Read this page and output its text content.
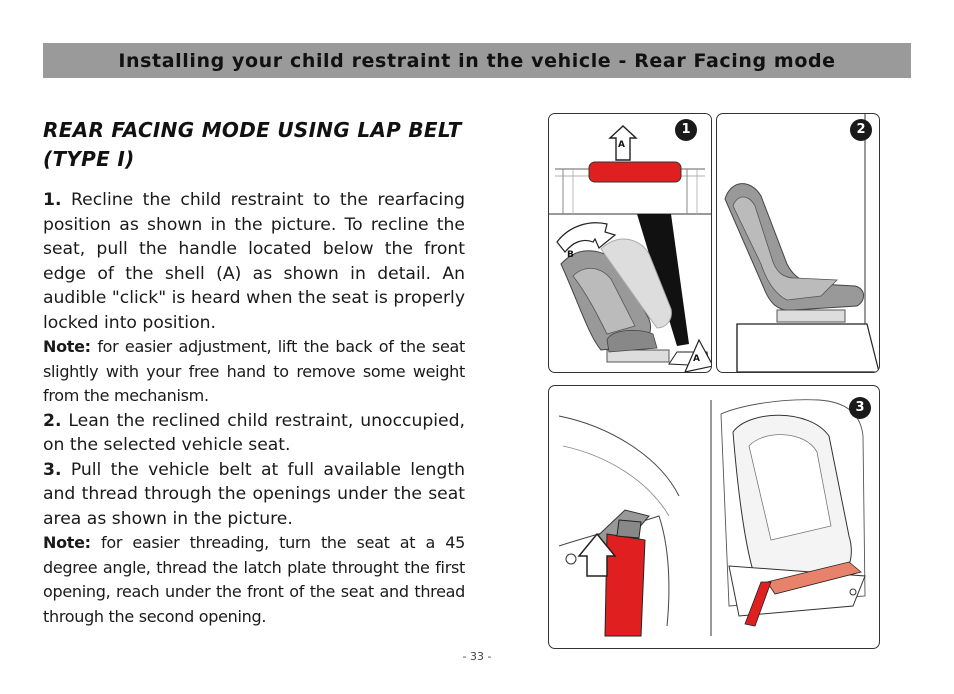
Installing your child restraint in the vehicle - Rear Facing mode
REAR FACING MODE USING LAP BELT (TYPE I)

1. Recline the child restraint to the rearfacing position as shown in the picture. To recline the seat, pull the handle located below the front edge of the shell (A) as shown in detail. An audible "click" is heard when the seat is properly locked into position.

Note: for easier adjustment, lift the back of the seat slightly with your free hand to remove some weight from the mechanism.

2. Lean the reclined child restraint, unoccupied, on the selected vehicle seat.

3. Pull the vehicle belt at full available length and thread through the openings under the seat area as shown in the picture.

Note: for easier threading, turn the seat at a 45 degree angle, thread the latch plate throught the first opening, reach under the front of the seat and thread through the second opening.

A
B
A
1	2
3
- 33 -
